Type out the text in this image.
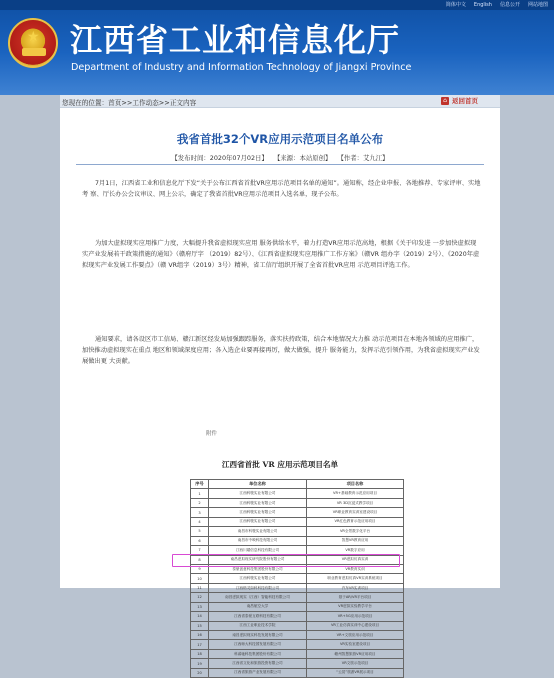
简体中文 English 信息公开 网站地图
★ 江西省工业和信息化厅
Department of Industry and Information Technology of Jiangxi Province
您现在的位置：首页>>工作动态>>正文内容	⌂ 返回首页
我省首批32个VR应用示范项目名单公布
【发布时间：2020年07月02日】 【来源：本站原创】 【作者：艾九江】

7月1日，江西省工业和信息化厅下发“关于公布江西省首批VR应用示范项目名单的通知”。通知称，经企业申报、各地推荐、专家评审、实地考 察、厅长办公会议审议、网上公示，确定了我省首批VR应用示范项目入选名单，现予公布。

为加大虚拟现实应用推广力度，大幅提升我省虚拟现实应用 服务供给水平，着力打造VR应用示范高地，根据《关于印发进 一步加快虚拟现实产业发展若干政策措施的通知》（赣府厅字 （2019）82号）、《江西省虚拟现实应用推广工作方案》（赣VR 组办字（2019）2号）、《2020年虚拟现实产业发展工作要点》（赣 VR组字（2019）3号）精神，省工信厅组织开展了全省首批VR应用 示范项目评选工作。

通知要求，请各设区市工信局、赣江新区经发局加强跟踪服务，落实扶持政策，结合本地情况大力推 动示范项目在本地各领域的应用推广，加快推动虚拟现实在重点 地区和领域深度应用；各入选企业要再接再厉，做大做强，提升 服务能力，发挥示范引领作用，为我省虚拟现实产业发展做出更 大贡献。

附件
江西省首批 VR 应用示范项目名单
序号	单位名称	项目名称
1	江西科骏实业有限公司	VR+基础教育示范应用项目
2	江西科骏实业有限公司	VR 3D沉浸式教学项目
3	江西科骏实业有限公司	VR职业教育实训室建设项目
4	江西科骏实业有限公司	VR红色教育示范应用项目
5	南昌市科骏实业有限公司	VR全景数字化平台
6	南昌市中映科技有限公司	智慧VR教育应用
7	江西川端信息科技有限公司	VR数字应用
8	南昌虚拟现实研究院股份有限公司	VR虚拟仿真实训
9	泰豪创意科技集团股份有限公司	VR教育实训
10	江西科骏实业有限公司	职业教育虚拟仿真VR实训系统项目
11	江西格灵如科科技有限公司	汽车VR实训项目
12	南昌虚拟现实（江西）智能科技有限公司	基于AR/VR平台项目
13	南昌航空大学	VR虚拟实验教学平台
14	江西省泰豪互联科技有限公司	VR+5G应用示范项目
15	江西工业职业技术学院	VR工业仿真实训中心建设项目
16	南昌虚拟现实科技发展有限公司	VR+文旅应用示范项目
17	江西师大科技园发展有限公司	VR实验室建设项目
18	科睿驰科技集团股份有限公司	赣州智慧旅游VR应用项目
19	江西省文化和旅游投资有限公司	VR文旅示范项目
20	江西省旅游产业发展有限公司	“云赏”旅游VR展示项目
